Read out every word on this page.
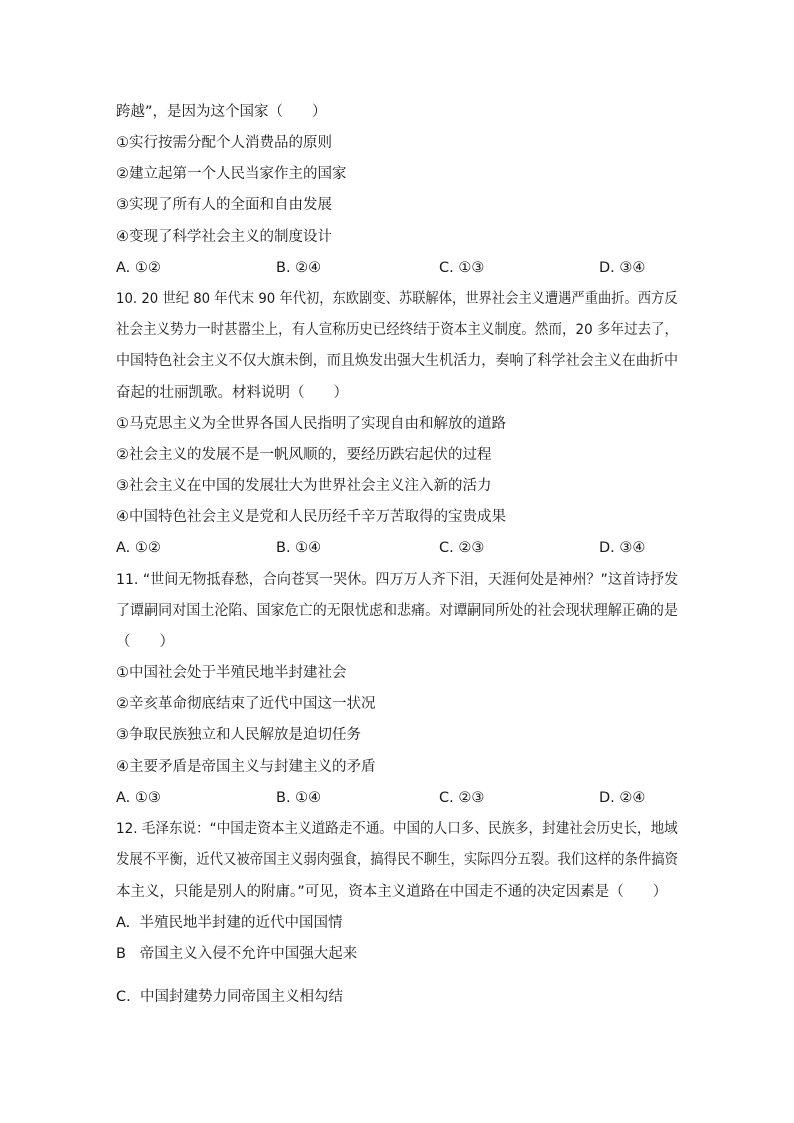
跨越”，是因为这个国家（　　）
①实行按需分配个人消费品的原则
②建立起第一个人民当家作主的国家
③实现了所有人的全面和自由发展
④变现了科学社会主义的制度设计
A. ①②	B. ②④	C. ①③	D. ③④
10. 20 世纪 80 年代末 90 年代初，东欧剧变、苏联解体，世界社会主义遭遇严重曲折。西方反
社会主义势力一时甚嚣尘上，有人宣称历史已经终结于资本主义制度。然而，20 多年过去了，
中国特色社会主义不仅大旗未倒，而且焕发出强大生机活力，奏响了科学社会主义在曲折中
奋起的壮丽凯歌。材料说明（　　）
①马克思主义为全世界各国人民指明了实现自由和解放的道路
②社会主义的发展不是一帆风顺的，要经历跌宕起伏的过程
③社会主义在中国的发展壮大为世界社会主义注入新的活力
④中国特色社会主义是党和人民历经千辛万苦取得的宝贵成果
A. ①②	B. ①④	C. ②③	D. ③④
11. “世间无物抵春愁，合向苍冥一哭休。四万万人齐下泪，天涯何处是神州？”这首诗抒发
了谭嗣同对国土沦陷、国家危亡的无限忧虑和悲痛。对谭嗣同所处的社会现状理解正确的是
（　　）
①中国社会处于半殖民地半封建社会
②辛亥革命彻底结束了近代中国这一状况
③争取民族独立和人民解放是迫切任务
④主要矛盾是帝国主义与封建主义的矛盾
A. ①③	B. ①④	C. ②③	D. ②④
12. 毛泽东说：“中国走资本主义道路走不通。中国的人口多、民族多，封建社会历史长，地域
发展不平衡，近代又被帝国主义弱肉强食，搞得民不聊生，实际四分五裂。我们这样的条件搞资
本主义，只能是别人的附庸。”可见，资本主义道路在中国走不通的决定因素是（　　）
A.  半殖民地半封建的近代中国国情
B   帝国主义入侵不允许中国强大起来
C.  中国封建势力同帝国主义相勾结
